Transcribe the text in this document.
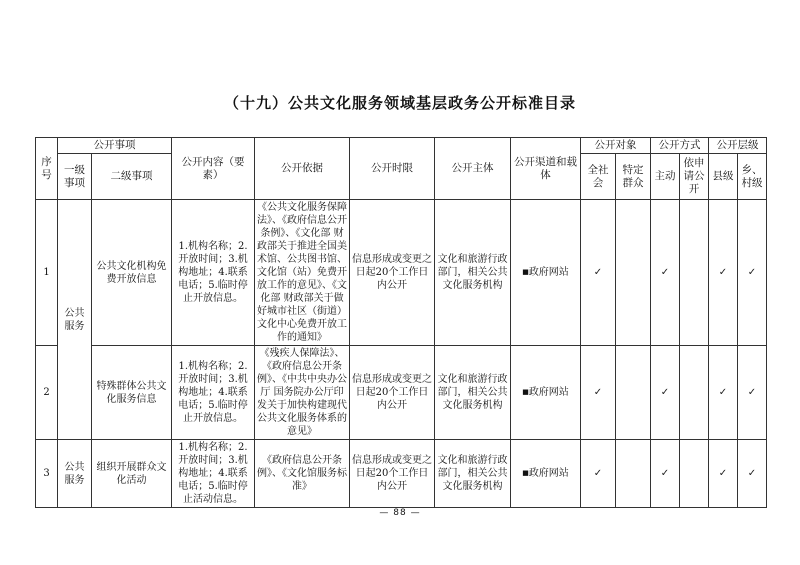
（十九）公共文化服务领域基层政务公开标准目录
序号	公开事项		公开内容（要素）	公开依据	公开时限	公开主体	公开渠道和载体	公开对象		公开方式		公开层级	
	一级事项	二级事项						全社会	特定群众	主动	依申请公开	县级	乡、村级
1	公共服务	公共文化机构免费开放信息	1.机构名称；2.开放时间；3.机构地址；4.联系电话；5.临时停止开放信息。	《公共文化服务保障法》、《政府信息公开条例》、《文化部 财政部关于推进全国美术馆、公共图书馆、文化馆（站）免费开放工作的意见》、《文化部 财政部关于做好城市社区（街道）文化中心免费开放工作的通知》	信息形成或变更之日起20个工作日内公开	文化和旅游行政部门，相关公共文化服务机构	■政府网站	✓		✓		✓	✓
2		特殊群体公共文化服务信息	1.机构名称；2.开放时间；3.机构地址；4.联系电话；5.临时停止开放信息。	《残疾人保障法》、《政府信息公开条例》、《中共中央办公厅 国务院办公厅印发关于加快构建现代公共文化服务体系的意见》	信息形成或变更之日起20个工作日内公开	文化和旅游行政部门，相关公共文化服务机构	■政府网站	✓		✓		✓	✓
3	公共服务	组织开展群众文化活动	1.机构名称；2.开放时间；3.机构地址；4.联系电话；5.临时停止活动信息。	《政府信息公开条例》、《文化馆服务标准》	信息形成或变更之日起20个工作日内公开	文化和旅游行政部门，相关公共文化服务机构	■政府网站	✓		✓		✓	✓
— 88 —
